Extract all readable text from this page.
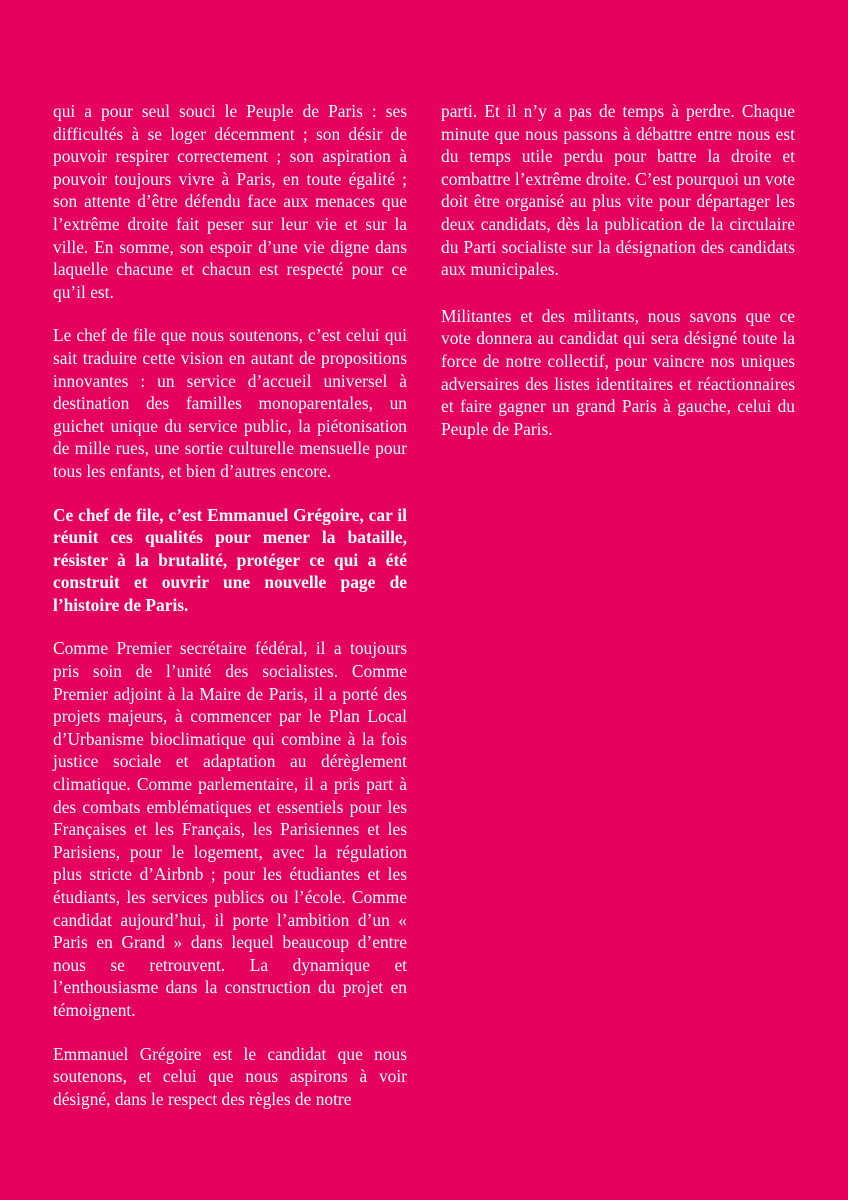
qui a pour seul souci le Peuple de Paris : ses difficultés à se loger décemment ; son désir de pouvoir respirer correctement ; son aspiration à pouvoir toujours vivre à Paris, en toute égalité ; son attente d’être défendu face aux menaces que l’extrême droite fait peser sur leur vie et sur la ville. En somme, son espoir d’une vie digne dans laquelle chacune et chacun est respecté pour ce qu’il est.

Le chef de file que nous soutenons, c’est celui qui sait traduire cette vision en autant de propositions innovantes : un service d’accueil universel à destination des familles monoparentales, un guichet unique du service public, la piétonisation de mille rues, une sortie culturelle mensuelle pour tous les enfants, et bien d’autres encore.

Ce chef de file, c’est Emmanuel Grégoire, car il réunit ces qualités pour mener la bataille, résister à la brutalité, protéger ce qui a été construit et ouvrir une nouvelle page de l’histoire de Paris.

Comme Premier secrétaire fédéral, il a toujours pris soin de l’unité des socialistes. Comme Premier adjoint à la Maire de Paris, il a porté des projets majeurs, à commencer par le Plan Local d’Urbanisme bioclimatique qui combine à la fois justice sociale et adaptation au dérèglement climatique. Comme parlementaire, il a pris part à des combats emblématiques et essentiels pour les Françaises et les Français, les Parisiennes et les Parisiens, pour le logement, avec la régulation plus stricte d’Airbnb ; pour les étudiantes et les étudiants, les services publics ou l’école. Comme candidat aujourd’hui, il porte l’ambition d’un « Paris en Grand » dans lequel beaucoup d’entre nous se retrouvent. La dynamique et l’enthousiasme dans la construction du projet en témoignent.

Emmanuel Grégoire est le candidat que nous soutenons, et celui que nous aspirons à voir désigné, dans le respect des règles de notre

parti. Et il n’y a pas de temps à perdre. Chaque minute que nous passons à débattre entre nous est du temps utile perdu pour battre la droite et combattre l’extrême droite. C’est pourquoi un vote doit être organisé au plus vite pour départager les deux candidats, dès la publication de la circulaire du Parti socialiste sur la désignation des candidats aux municipales.

Militantes et des militants, nous savons que ce vote donnera au candidat qui sera désigné toute la force de notre collectif, pour vaincre nos uniques adversaires des listes identitaires et réactionnaires et faire gagner un grand Paris à gauche, celui du Peuple de Paris.
